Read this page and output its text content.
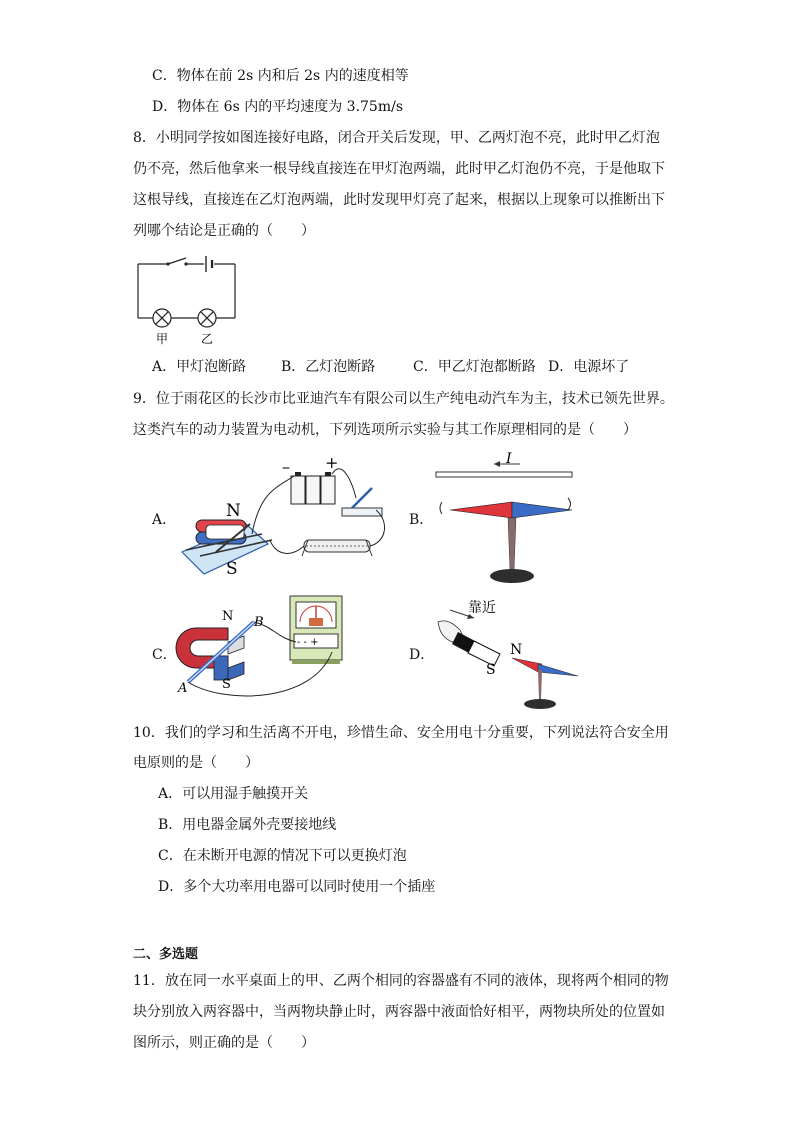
C．物体在前 2s 内和后 2s 内的速度相等
D．物体在 6s 内的平均速度为 3.75m/s
8．小明同学按如图连接好电路，闭合开关后发现，甲、乙两灯泡不亮，此时甲乙灯泡
仍不亮，然后他拿来一根导线直接连在甲灯泡两端，此时甲乙灯泡仍不亮，于是他取下
这根导线，直接连在乙灯泡两端，此时发现甲灯亮了起来，根据以上现象可以推断出下
列哪个结论是正确的（　　）
甲	乙
A．甲灯泡断路 B．乙灯泡断路	C．甲乙灯泡都断路 D．电源坏了
9．位于雨花区的长沙市比亚迪汽车有限公司以生产纯电动汽车为主，技术已领先世界。
这类汽车的动力装置为电动机，下列选项所示实验与其工作原理相同的是（　　）
A．	B．
C．	D．
N
S
– +	I
N
S
A
B
- - +
靠近
S
N
10．我们的学习和生活离不开电，珍惜生命、安全用电十分重要，下列说法符合安全用
电原则的是（　　）
A．可以用湿手触摸开关
B．用电器金属外壳要接地线
C．在未断开电源的情况下可以更换灯泡
D．多个大功率用电器可以同时使用一个插座
二、多选题
11．放在同一水平桌面上的甲、乙两个相同的容器盛有不同的液体，现将两个相同的物
块分别放入两容器中，当两物块静止时，两容器中液面恰好相平，两物块所处的位置如
图所示，则正确的是（　　）
